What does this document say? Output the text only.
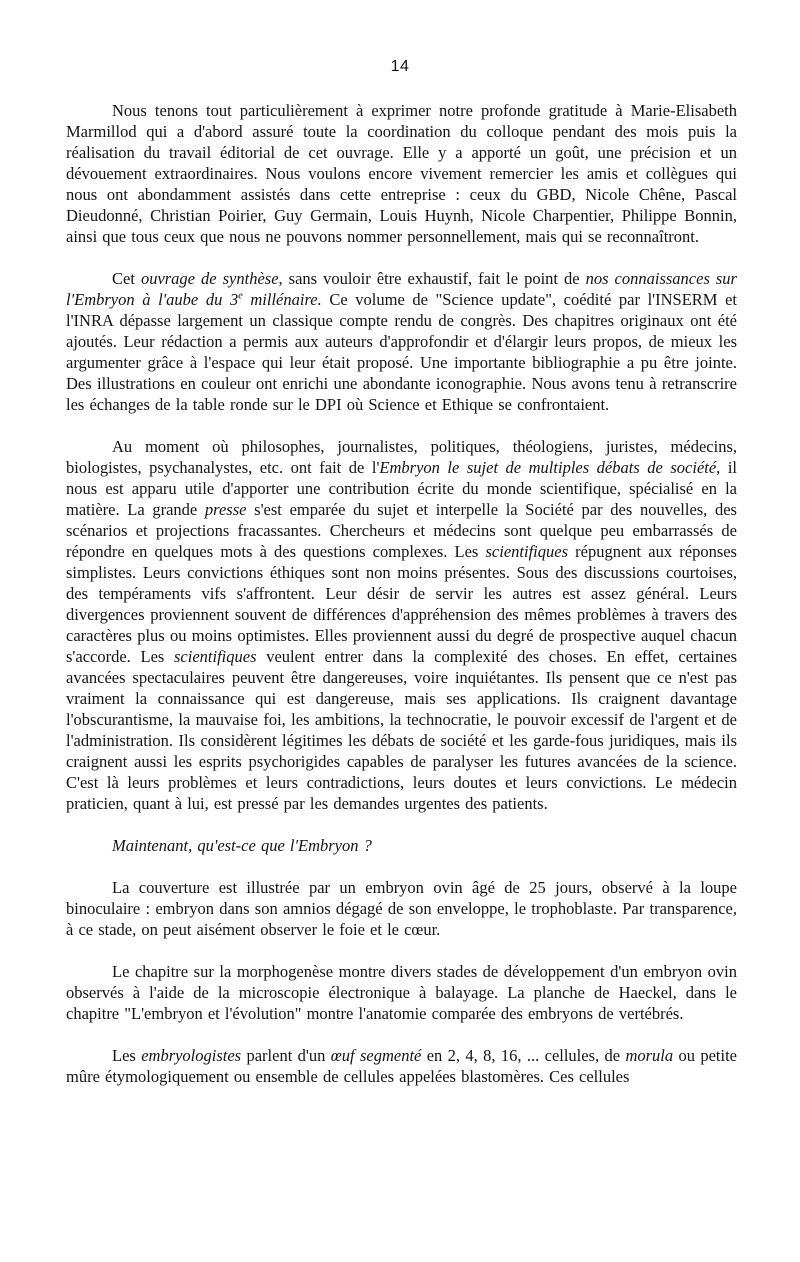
14

Nous tenons tout particulièrement à exprimer notre profonde gratitude à Marie-Elisabeth Marmillod qui a d'abord assuré toute la coordination du colloque pendant des mois puis la réalisation du travail éditorial de cet ouvrage. Elle y a apporté un goût, une précision et un dévouement extraordinaires. Nous voulons encore vivement remercier les amis et collègues qui nous ont abondamment assistés dans cette entreprise : ceux du GBD, Nicole Chêne, Pascal Dieudonné, Christian Poirier, Guy Germain, Louis Huynh, Nicole Charpentier, Philippe Bonnin, ainsi que tous ceux que nous ne pouvons nommer personnellement, mais qui se reconnaîtront.

Cet ouvrage de synthèse, sans vouloir être exhaustif, fait le point de nos connaissances sur l'Embryon à l'aube du 3e millénaire. Ce volume de "Science update", coédité par l'INSERM et l'INRA dépasse largement un classique compte rendu de congrès. Des chapitres originaux ont été ajoutés. Leur rédaction a permis aux auteurs d'approfondir et d'élargir leurs propos, de mieux les argumenter grâce à l'espace qui leur était proposé. Une importante bibliographie a pu être jointe. Des illustrations en couleur ont enrichi une abondante iconographie. Nous avons tenu à retranscrire les échanges de la table ronde sur le DPI où Science et Ethique se confrontaient.

Au moment où philosophes, journalistes, politiques, théologiens, juristes, médecins, biologistes, psychanalystes, etc. ont fait de l'Embryon le sujet de multiples débats de société, il nous est apparu utile d'apporter une contribution écrite du monde scientifique, spécialisé en la matière. La grande presse s'est emparée du sujet et interpelle la Société par des nouvelles, des scénarios et projections fracassantes. Chercheurs et médecins sont quelque peu embarrassés de répondre en quelques mots à des questions complexes. Les scientifiques répugnent aux réponses simplistes. Leurs convictions éthiques sont non moins présentes. Sous des discussions courtoises, des tempéraments vifs s'affrontent. Leur désir de servir les autres est assez général. Leurs divergences proviennent souvent de différences d'appréhension des mêmes problèmes à travers des caractères plus ou moins optimistes. Elles proviennent aussi du degré de prospective auquel chacun s'accorde. Les scientifiques veulent entrer dans la complexité des choses. En effet, certaines avancées spectaculaires peuvent être dangereuses, voire inquiétantes. Ils pensent que ce n'est pas vraiment la connaissance qui est dangereuse, mais ses applications. Ils craignent davantage l'obscurantisme, la mauvaise foi, les ambitions, la technocratie, le pouvoir excessif de l'argent et de l'administration. Ils considèrent légitimes les débats de société et les garde-fous juridiques, mais ils craignent aussi les esprits psychorigides capables de paralyser les futures avancées de la science. C'est là leurs problèmes et leurs contradictions, leurs doutes et leurs convictions. Le médecin praticien, quant à lui, est pressé par les demandes urgentes des patients.

Maintenant, qu'est-ce que l'Embryon ?

La couverture est illustrée par un embryon ovin âgé de 25 jours, observé à la loupe binoculaire : embryon dans son amnios dégagé de son enveloppe, le trophoblaste. Par transparence, à ce stade, on peut aisément observer le foie et le cœur.

Le chapitre sur la morphogenèse montre divers stades de développement d'un embryon ovin observés à l'aide de la microscopie électronique à balayage. La planche de Haeckel, dans le chapitre "L'embryon et l'évolution" montre l'anatomie comparée des embryons de vertébrés.

Les embryologistes parlent d'un œuf segmenté en 2, 4, 8, 16, ... cellules, de morula ou petite mûre étymologiquement ou ensemble de cellules appelées blastomères. Ces cellules
